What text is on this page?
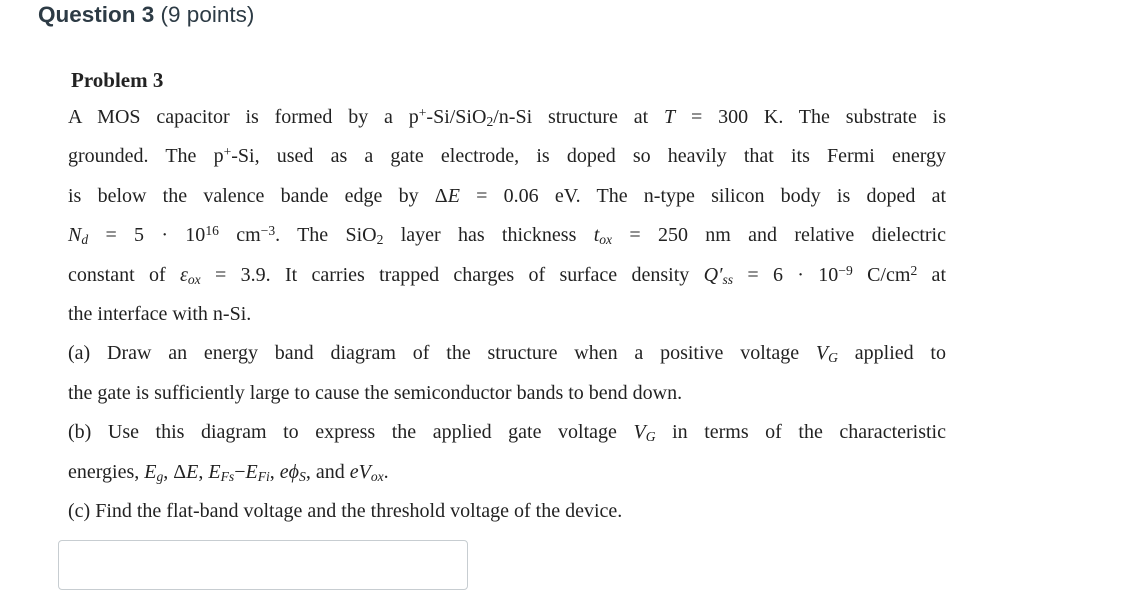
Question 3 (9 points)
Problem 3
A MOS capacitor is formed by a p+-Si/SiO$_2$/n-Si structure at T = 300 K. The substrate is
grounded. The p+-Si, used as a gate electrode, is doped so heavily that its Fermi energy
is below the valence bande edge by ΔE = 0.06 eV. The n-type silicon body is doped at
$N_d = 5 \cdot 10^{16}$ $cm^{-3}$. The SiO$_2$ layer has thickness $t_{ox} = 250$ nm and relative dielectric
constant of $\varepsilon_{ox} = 3.9$. It carries trapped charges of surface density $Q'_{ss} = 6 \cdot 10^{-9}$ $C/cm^2$ at
the interface with n-Si.
(a) Draw an energy band diagram of the structure when a positive voltage $V_G$ applied to
the gate is sufficiently large to cause the semiconductor bands to bend down.
(b) Use this diagram to express the applied gate voltage $V_G$ in terms of the characteristic
energies, $E_g$, ΔE, $E_{Fs}-E_{Fi}$, $e\phi_S$, and $eV_{ox}$.
(c) Find the flat-band voltage and the threshold voltage of the device.
